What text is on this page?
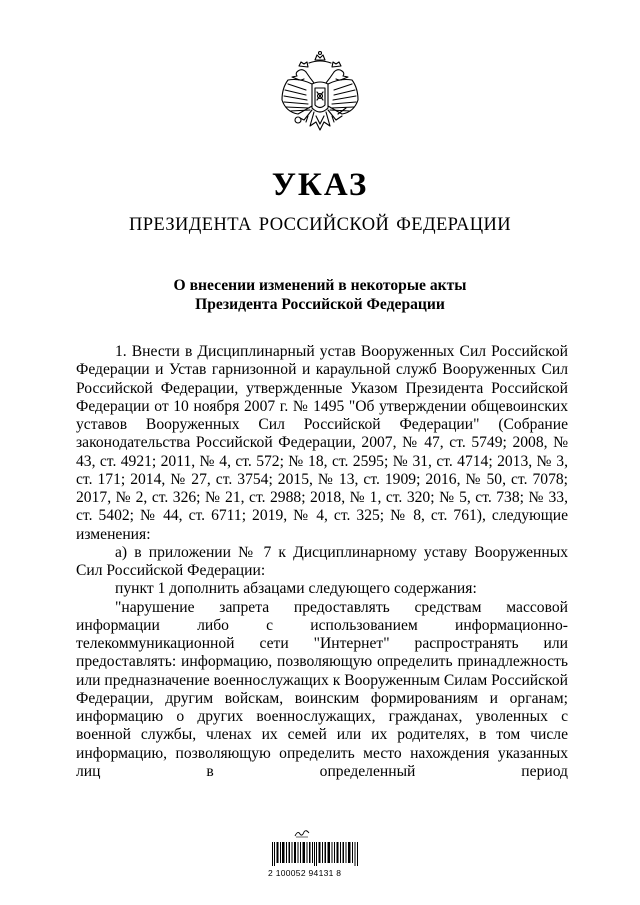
УКАЗ
ПРЕЗИДЕНТА РОССИЙСКОЙ ФЕДЕРАЦИИ
О внесении изменений в некоторые акты
Президента Российской Федерации

1. Внести в Дисциплинарный устав Вооруженных Сил Российской Федерации и Устав гарнизонной и караульной служб Вооруженных Сил Российской Федерации, утвержденные Указом Президента Российской Федерации от 10 ноября 2007 г. № 1495 "Об утверждении общевоинских уставов Вооруженных Сил Российской Федерации" (Собрание законодательства Российской Федерации, 2007, № 47, ст. 5749; 2008, № 43, ст. 4921; 2011, № 4, ст. 572; № 18, ст. 2595; № 31, ст. 4714; 2013, № 3, ст. 171; 2014, № 27, ст. 3754; 2015, № 13, ст. 1909; 2016, № 50, ст. 7078; 2017, № 2, ст. 326; № 21, ст. 2988; 2018, № 1, ст. 320; № 5, ст. 738; № 33, ст. 5402; № 44, ст. 6711; 2019, № 4, ст. 325; № 8, ст. 761), следующие изменения:

а) в приложении № 7 к Дисциплинарному уставу Вооруженных Сил Российской Федерации:

пункт 1 дополнить абзацами следующего содержания:

"нарушение запрета предоставлять средствам массовой информации либо с использованием информационно-телекоммуникационной сети "Интернет" распространять или предоставлять: информацию, позволяющую определить принадлежность или предназначение военнослужащих к Вооруженным Силам Российской Федерации, другим войскам, воинским формированиям и органам; информацию о других военнослужащих, гражданах, уволенных с военной службы, членах их семей или их родителях, в том числе информацию, позволяющую определить место нахождения указанных лиц в определенный период

2 100052 94131 8
